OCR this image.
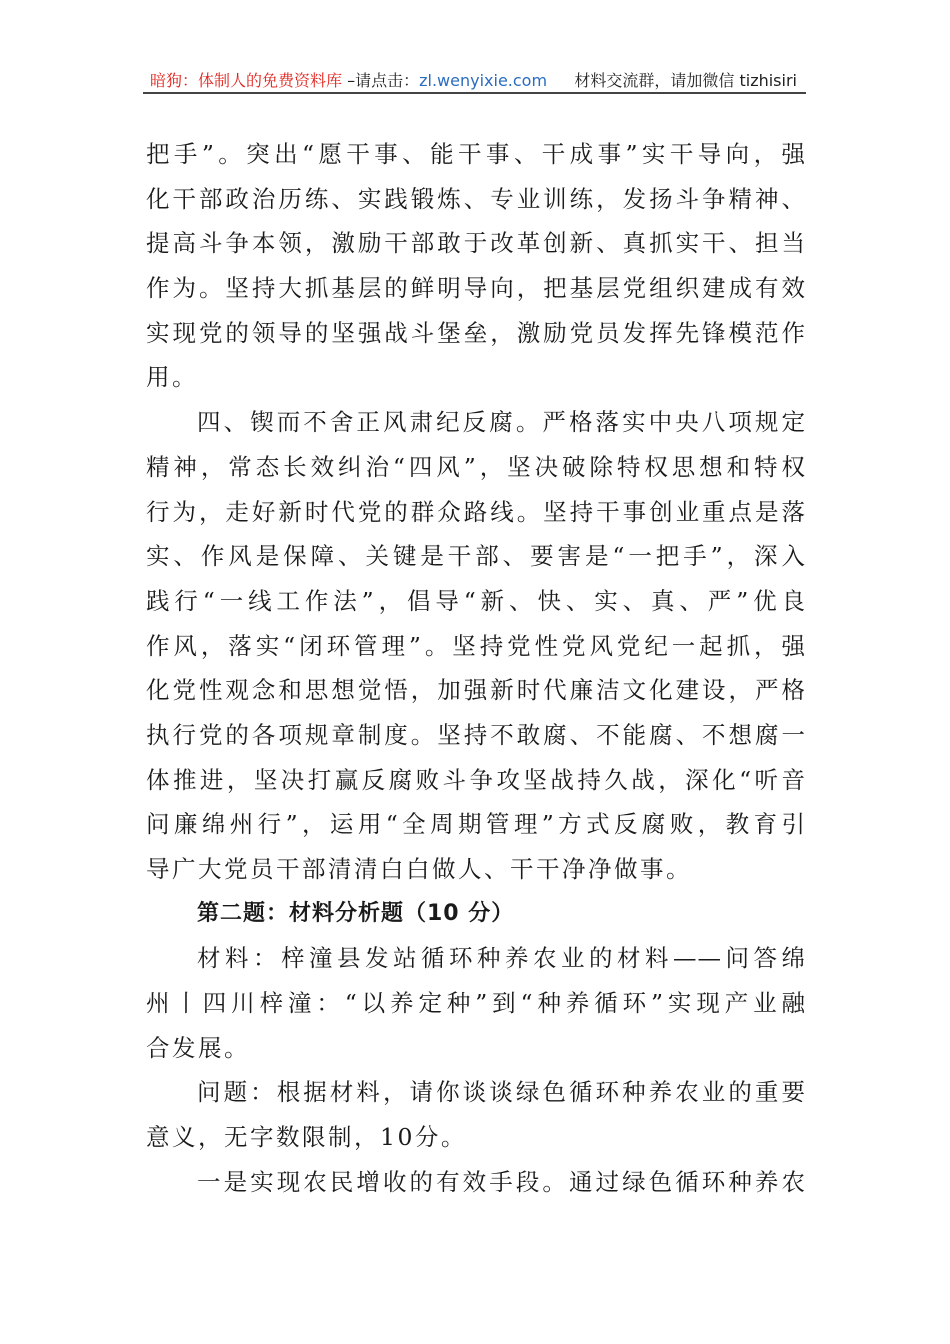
暗狗：体制人的免费资料库 –请点击：zl.wenyixie.com 材料交流群，请加微信 tizhisiri
把手”。突出“愿干事、能干事、干成事”实干导向，强
化干部政治历练、实践锻炼、专业训练，发扬斗争精神、
提高斗争本领，激励干部敢于改革创新、真抓实干、担当
作为。坚持大抓基层的鲜明导向，把基层党组织建成有效
实现党的领导的坚强战斗堡垒，激励党员发挥先锋模范作
用。
四、锲而不舍正风肃纪反腐。严格落实中央八项规定
精神，常态长效纠治“四风”，坚决破除特权思想和特权
行为，走好新时代党的群众路线。坚持干事创业重点是落
实、作风是保障、关键是干部、要害是“一把手”，深入
践行“一线工作法”，倡导“新、快、实、真、严”优良
作风，落实“闭环管理”。坚持党性党风党纪一起抓，强
化党性观念和思想觉悟，加强新时代廉洁文化建设，严格
执行党的各项规章制度。坚持不敢腐、不能腐、不想腐一
体推进，坚决打赢反腐败斗争攻坚战持久战，深化“听音
问廉绵州行”，运用“全周期管理”方式反腐败，教育引
导广大党员干部清清白白做人、干干净净做事。
第二题：材料分析题（10 分）
材料：梓潼县发站循环种养农业的材料——问答绵
州丨四川梓潼：“以养定种”到“种养循环”实现产业融
合发展。
问题：根据材料，请你谈谈绿色循环种养农业的重要
意义，无字数限制，10分。
一是实现农民增收的有效手段。通过绿色循环种养农
